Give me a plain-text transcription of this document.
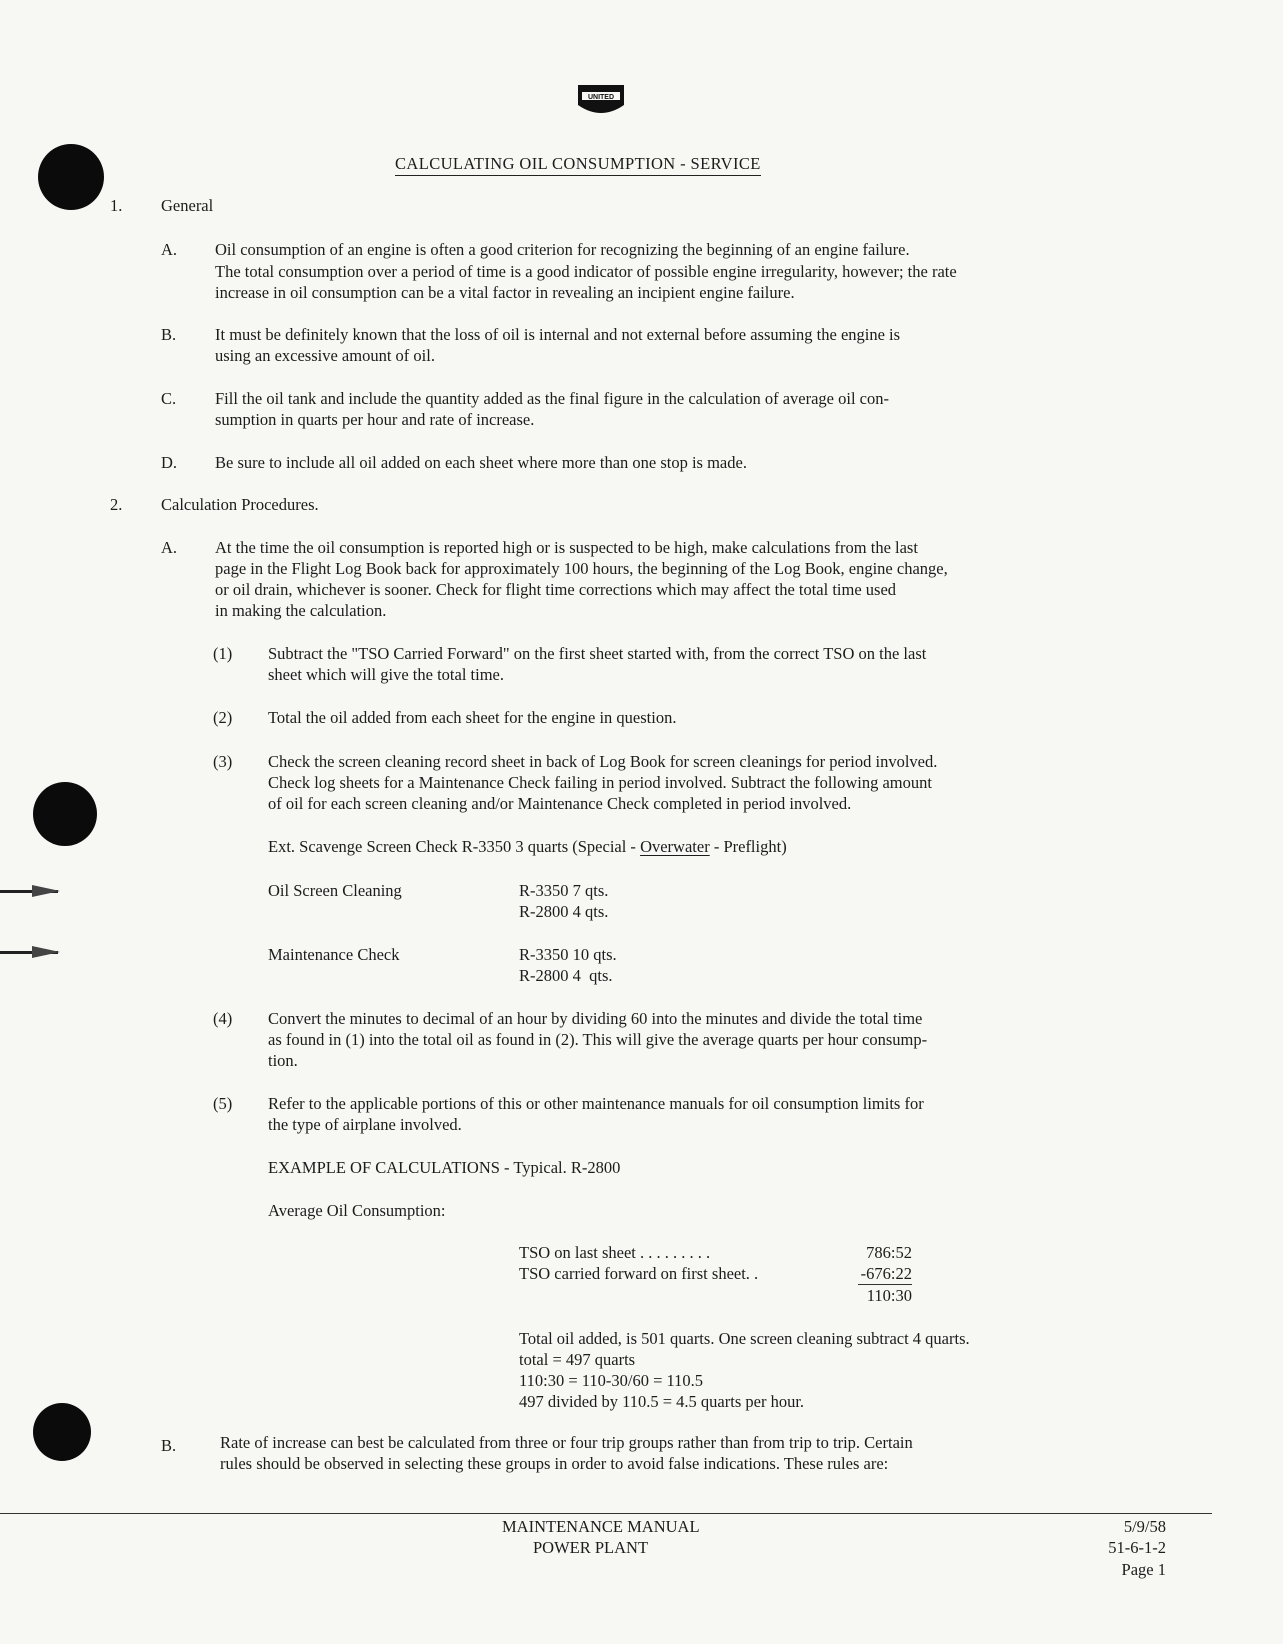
UNITED
CALCULATING OIL CONSUMPTION - SERVICE
1. General
A. Oil consumption of an engine is often a good criterion for recognizing the beginning of an engine failure.
The total consumption over a period of time is a good indicator of possible engine irregularity, however; the rate
increase in oil consumption can be a vital factor in revealing an incipient engine failure.
B. It must be definitely known that the loss of oil is internal and not external before assuming the engine is
using an excessive amount of oil.
C. Fill the oil tank and include the quantity added as the final figure in the calculation of average oil con-
sumption in quarts per hour and rate of increase.
D. Be sure to include all oil added on each sheet where more than one stop is made.
2. Calculation Procedures.
A. At the time the oil consumption is reported high or is suspected to be high, make calculations from the last
page in the Flight Log Book back for approximately 100 hours, the beginning of the Log Book, engine change,
or oil drain, whichever is sooner. Check for flight time corrections which may affect the total time used
in making the calculation.
(1) Subtract the "TSO Carried Forward" on the first sheet started with, from the correct TSO on the last
sheet which will give the total time.
(2) Total the oil added from each sheet for the engine in question.
(3) Check the screen cleaning record sheet in back of Log Book for screen cleanings for period involved.
Check log sheets for a Maintenance Check failing in period involved. Subtract the following amount
of oil for each screen cleaning and/or Maintenance Check completed in period involved.
Ext. Scavenge Screen Check R-3350 3 quarts (Special - Overwater - Preflight)
Oil Screen Cleaning	R-3350 7 qts.
R-2800 4 qts.
Maintenance Check	R-3350 10 qts.
R-2800 4  qts.
(4) Convert the minutes to decimal of an hour by dividing 60 into the minutes and divide the total time
as found in (1) into the total oil as found in (2). This will give the average quarts per hour consump-
tion.
(5) Refer to the applicable portions of this or other maintenance manuals for oil consumption limits for
the type of airplane involved.
EXAMPLE OF CALCULATIONS - Typical. R-2800
Average Oil Consumption:
TSO on last sheet . . . . . . . . .	786:52
TSO carried forward on first sheet. .	-676:22
110:30
Total oil added, is 501 quarts. One screen cleaning subtract 4 quarts.
total = 497 quarts
110:30 = 110-30/60 = 110.5
497 divided by 110.5 = 4.5 quarts per hour.
B.	Rate of increase can best be calculated from three or four trip groups rather than from trip to trip. Certain
rules should be observed in selecting these groups in order to avoid false indications. These rules are:
MAINTENANCE MANUAL
POWER PLANT
5/9/58
51-6-1-2
Page 1
